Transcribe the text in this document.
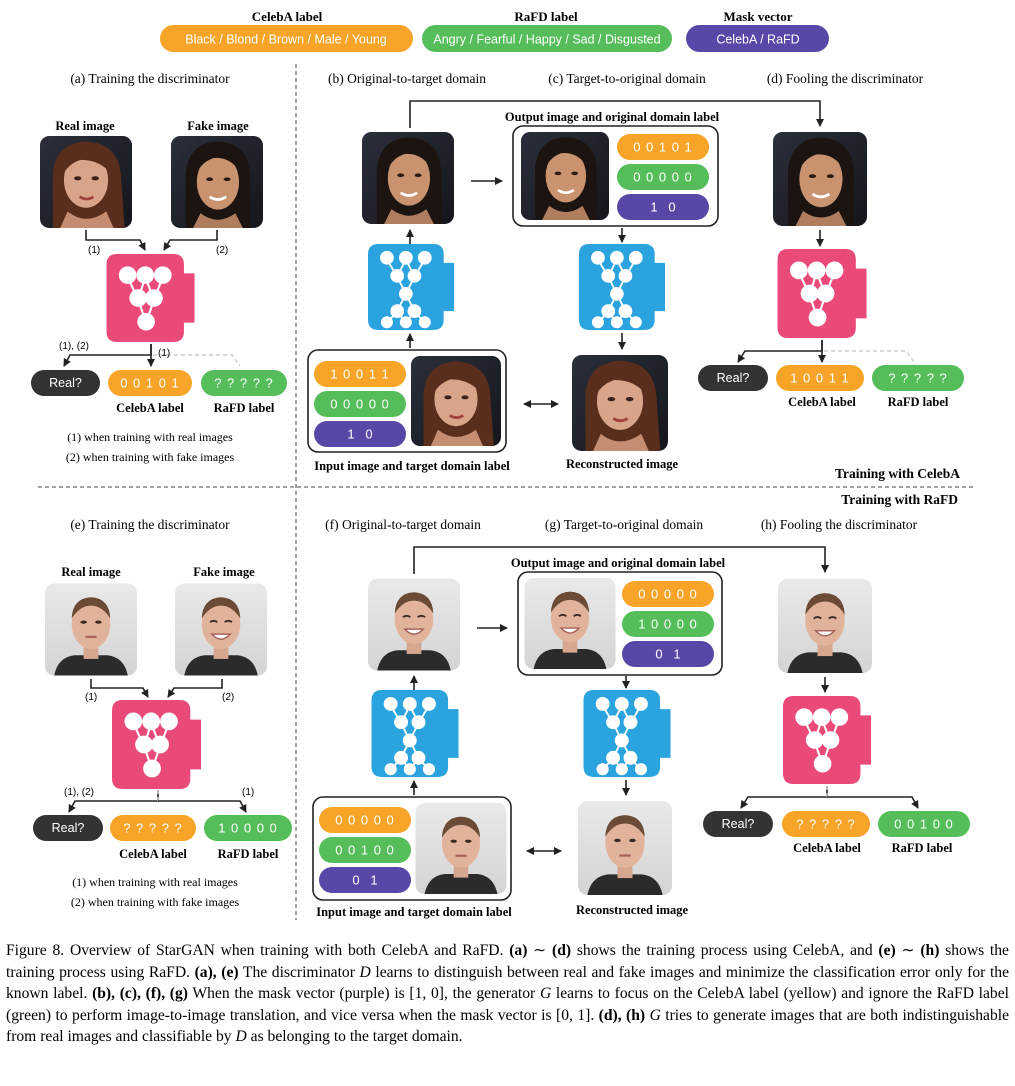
CelebA label
Black / Blond / Brown / Male / Young
RaFD label
Angry / Fearful / Happy / Sad / Disgusted
Mask vector
CelebA / RaFD
(a) Training the discriminator	(b) Original-to-target domain	(c) Target-to-original domain	(d) Fooling the discriminator
Real image	Fake image
(1)	(2)
D
(1), (2)
(1)
Real?	0 0 1 0 1	? ? ? ? ?
CelebA label RaFD label
(1) when training with real images
(2) when training with fake images
Output image and original domain label
0 0 1 0 1
0 0 0 0 0
1   0
G	G
1 0 0 1 1
0 0 0 0 0
1   0
Input image and target domain label	Reconstructed image
D
Real?	1 0 0 1 1	? ? ? ? ?
CelebA label	RaFD label
Training with CelebA
Training with RaFD
(e) Training the discriminator	(f) Original-to-target domain	(g) Target-to-original domain	(h) Fooling the discriminator
Real image	Fake image
(1)	(2)
D
(1), (2)	(1)
Real?	? ? ? ? ?	1 0 0 0 0
CelebA label RaFD label
(1) when training with real images
(2) when training with fake images
Output image and original domain label
0 0 0 0 0
1 0 0 0 0
0   1
G	G
0 0 0 0 0
0 0 1 0 0
0   1
Input image and target domain label	Reconstructed image
D
Real?	? ? ? ? ?	0 0 1 0 0
CelebA label RaFD label
Figure 8. Overview of StarGAN when training with both CelebA and RaFD. (a) ∼ (d) shows the training process using CelebA, and (e) ∼ (h) shows the training process using RaFD. (a), (e) The discriminator D learns to distinguish between real and fake images and minimize the classification error only for the known label. (b), (c), (f), (g) When the mask vector (purple) is [1, 0], the generator G learns to focus on the CelebA label (yellow) and ignore the RaFD label (green) to perform image-to-image translation, and vice versa when the mask vector is [0, 1]. (d), (h) G tries to generate images that are both indistinguishable from real images and classifiable by D as belonging to the target domain.
